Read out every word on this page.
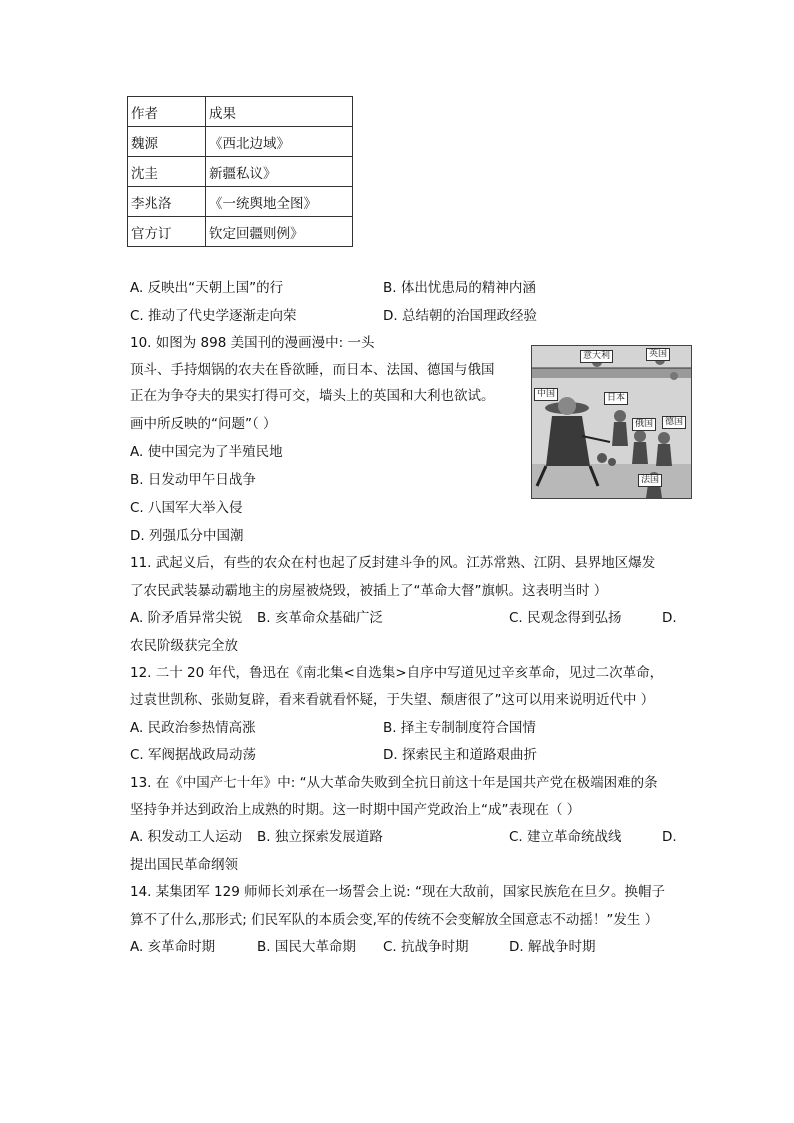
作者	成果
魏源	《西北边域》
沈圭	新疆私议》
李兆洛	《一统舆地全图》
官方订	钦定回疆则例》
A. 反映出“天朝上国”的行	B. 体出忧患局的精神内涵
C. 推动了代史学逐渐走向荣	D. 总结朝的治国理政经验
10. 如图为 898 美国刊的漫画漫中: 一头
顶斗、手持烟锅的农夫在昏欲睡，而日本、法国、德国与俄国
正在为争夺夫的果实打得可交，墙头上的英国和大利也欲试。
画中所反映的“问题”（ ）
A. 使中国完为了半殖民地
B. 日发动甲午日战争
C. 八国军大举入侵
D. 列强瓜分中国潮
意大利	英国
中国	日本
俄国	德国
法国
11. 武起义后，有些的农众在村也起了反封建斗争的风。江苏常熟、江阴、县界地区爆发
了农民武装暴动霸地主的房屋被烧毁，被插上了“革命大督”旗帜。这表明当时 ）
A. 阶矛盾异常尖锐 B. 亥革命众基础广泛	C. 民观念得到弘扬	D.
农民阶级获完全放
12. 二十 20 年代，鲁迅在《南北集<自选集>自序中写道见过辛亥革命，见过二次革命，
过袁世凯称、张勋复辟，看来看就看怀疑，于失望、颓唐很了”这可以用来说明近代中 ）
A. 民政治参热情高涨	B. 择主专制制度符合国情
C. 军阀据战政局动荡	D. 探索民主和道路艰曲折
13. 在《中国产七十年》中: “从大革命失败到全抗日前这十年是国共产党在极端困难的条
坚持争并达到政治上成熟的时期。这一时期中国产党政治上“成”表现在（ ）
A. 积发动工人运动 B. 独立探索发展道路	C. 建立革命统战线	D.
提出国民革命纲领
14. 某集团军 129 师师长刘承在一场誓会上说: “现在大敌前，国家民族危在旦夕。换帽子
算不了什么,那形式; 们民军队的本质会变,军的传统不会变解放全国意志不动摇！”发生 ）
A. 亥革命时期	B. 国民大革命期 C. 抗战争时期	D. 解战争时期
